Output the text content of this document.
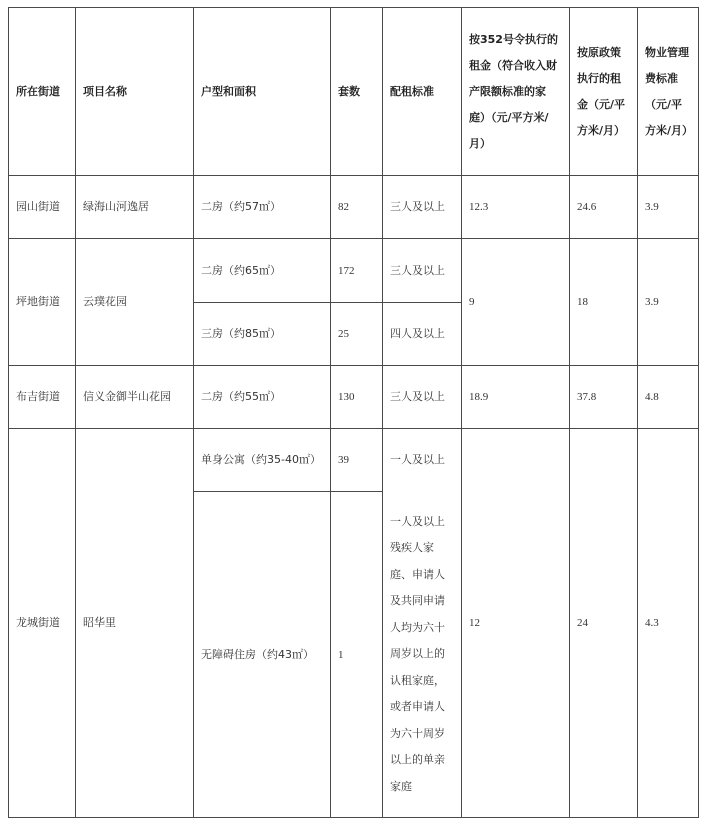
所在街道	项目名称	户型和面积	套数	配租标准	按352号令执行的租金（符合收入财产限额标准的家庭）（元/平方米/月）	按原政策执行的租金（元/平方米/月）	物业管理费标准（元/平方米/月）
园山街道	绿海山河逸居	二房（约57㎡）	82	三人及以上	12.3	24.6	3.9
坪地街道	云璞花园	二房（约65㎡）	172	三人及以上	9	18	3.9
		三房（约85㎡）	25	四人及以上			
布吉街道	信义金御半山花园	二房（约55㎡）	130	三人及以上	18.9	37.8	4.8
龙城街道	昭华里	单身公寓（约35-40㎡）	39	一人及以上	12	24	4.3
		无障碍住房（约43㎡）	1	一人及以上残疾人家庭、申请人及共同申请人均为六十周岁以上的认租家庭，或者申请人为六十周岁以上的单亲家庭			
